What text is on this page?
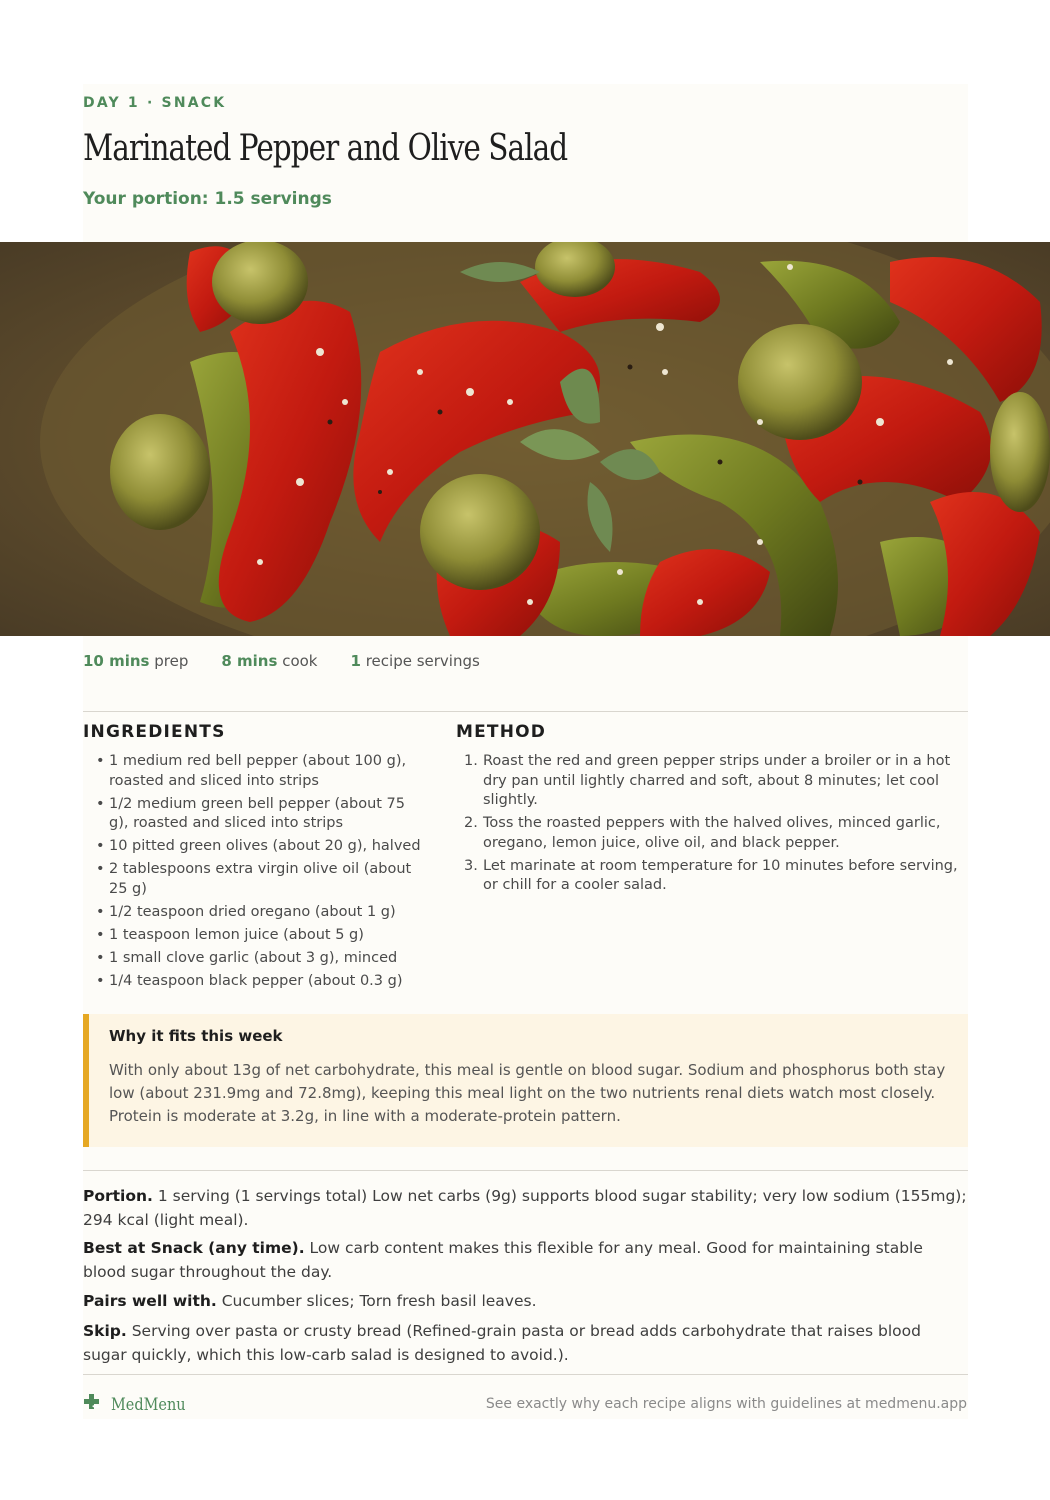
DAY 1 · SNACK
Marinated Pepper and Olive Salad
Your portion: 1.5 servings
10 mins prep 8 mins cook 1 recipe servings
INGREDIENTS
• 1 medium red bell pepper (about 100 g), roasted and sliced into strips
• 1/2 medium green bell pepper (about 75 g), roasted and sliced into strips
• 10 pitted green olives (about 20 g), halved
• 2 tablespoons extra virgin olive oil (about 25 g)
• 1/2 teaspoon dried oregano (about 1 g)
• 1 teaspoon lemon juice (about 5 g)
• 1 small clove garlic (about 3 g), minced
• 1/4 teaspoon black pepper (about 0.3 g)
METHOD
1. Roast the red and green pepper strips under a broiler or in a hot dry pan until lightly charred and soft, about 8 minutes; let cool slightly.
2. Toss the roasted peppers with the halved olives, minced garlic, oregano, lemon juice, olive oil, and black pepper.
3. Let marinate at room temperature for 10 minutes before serving, or chill for a cooler salad.
Why it fits this week
With only about 13g of net carbohydrate, this meal is gentle on blood sugar. Sodium and phosphorus both stay low (about 231.9mg and 72.8mg), keeping this meal light on the two nutrients renal diets watch most closely. Protein is moderate at 3.2g, in line with a moderate-protein pattern.
Portion. 1 serving (1 servings total) Low net carbs (9g) supports blood sugar stability; very low sodium (155mg); 294 kcal (light meal).
Best at Snack (any time). Low carb content makes this flexible for any meal. Good for maintaining stable blood sugar throughout the day.
Pairs well with. Cucumber slices; Torn fresh basil leaves.
Skip. Serving over pasta or crusty bread (Refined-grain pasta or bread adds carbohydrate that raises blood sugar quickly, which this low-carb salad is designed to avoid.).
MedMenu	See exactly why each recipe aligns with guidelines at medmenu.app
